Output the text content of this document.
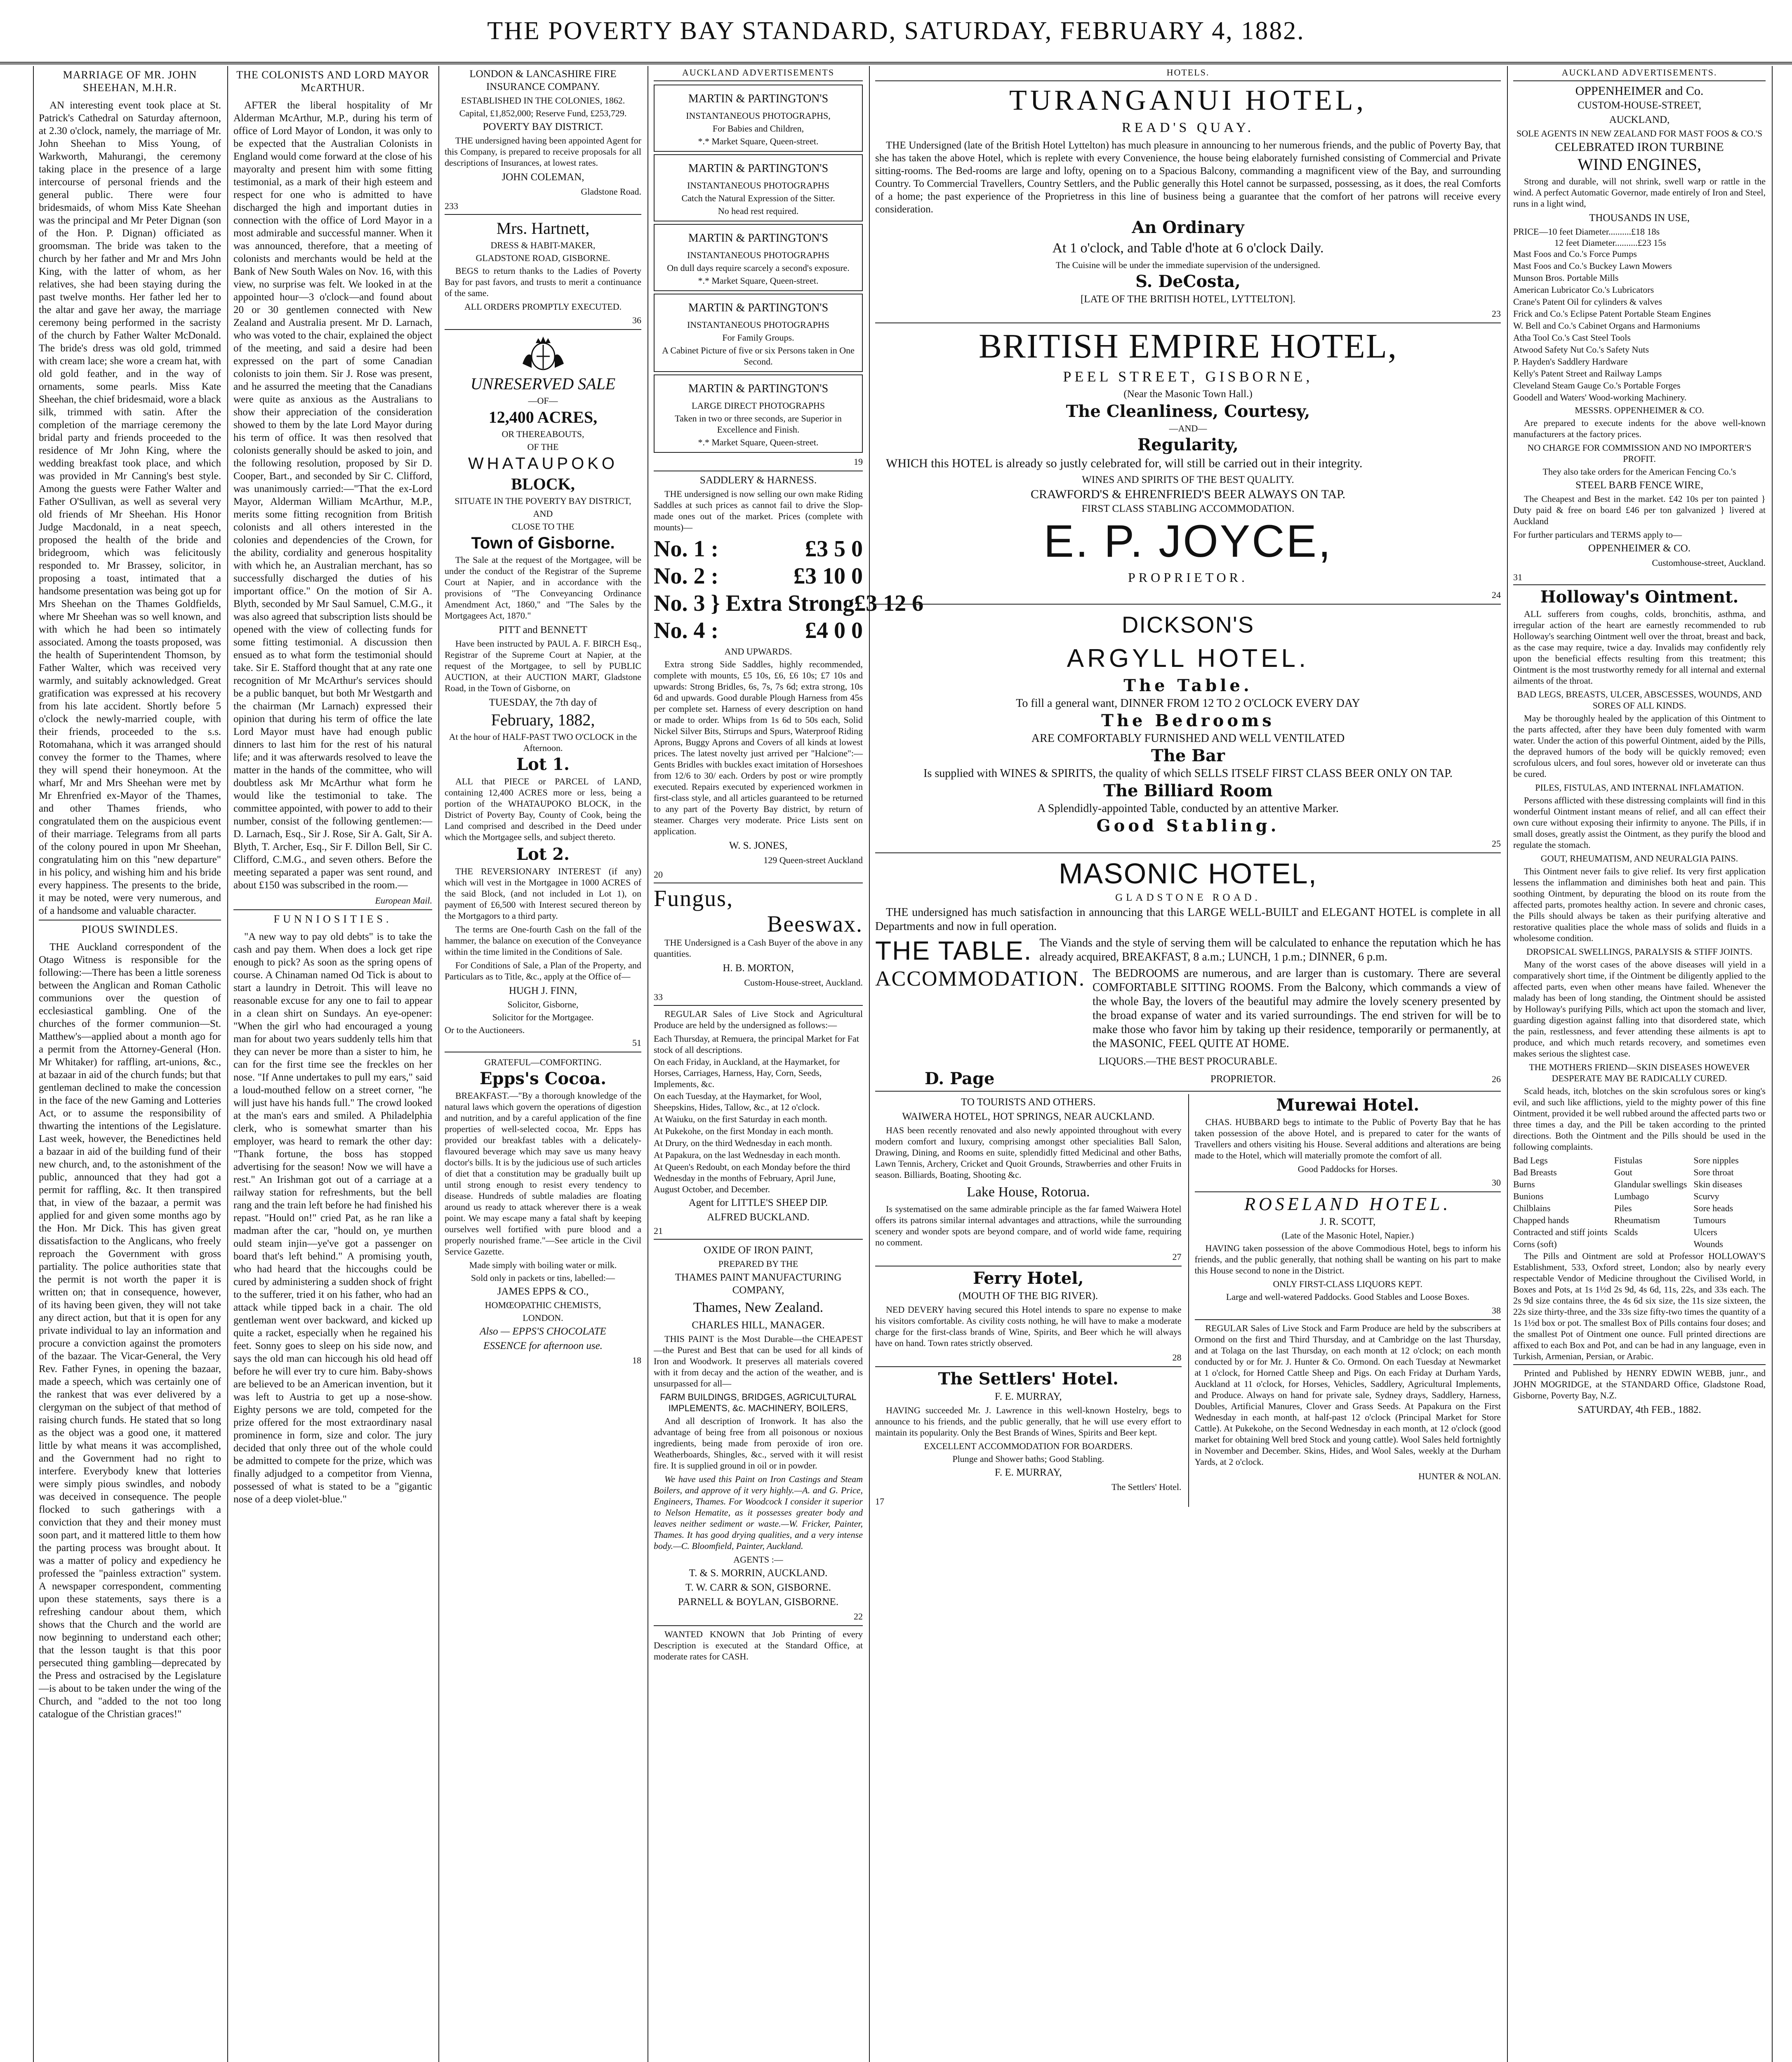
THE POVERTY BAY STANDARD, SATURDAY, FEBRUARY 4, 1882.
MARRIAGE OF MR. JOHN SHEEHAN, M.H.R.

AN interesting event took place at St. Patrick's Cathedral on Saturday afternoon, at 2.30 o'clock, namely, the marriage of Mr. John Sheehan to Miss Young, of Warkworth, Mahurangi, the ceremony taking place in the presence of a large intercourse of personal friends and the general public. There were four bridesmaids, of whom Miss Kate Sheehan was the principal and Mr Peter Dignan (son of the Hon. P. Dignan) officiated as groomsman. The bride was taken to the church by her father and Mr and Mrs John King, with the latter of whom, as her relatives, she had been staying during the past twelve months. Her father led her to the altar and gave her away, the marriage ceremony being performed in the sacristy of the church by Father Walter McDonald. The bride's dress was old gold, trimmed with cream lace; she wore a cream hat, with old gold feather, and in the way of ornaments, some pearls. Miss Kate Sheehan, the chief bridesmaid, wore a black silk, trimmed with satin. After the completion of the marriage ceremony the bridal party and friends proceeded to the residence of Mr John King, where the wedding breakfast took place, and which was provided in Mr Canning's best style. Among the guests were Father Walter and Father O'Sullivan, as well as several very old friends of Mr Sheehan. His Honor Judge Macdonald, in a neat speech, proposed the health of the bride and bridegroom, which was felicitously responded to. Mr Brassey, solicitor, in proposing a toast, intimated that a handsome presentation was being got up for Mrs Sheehan on the Thames Goldfields, where Mr Sheehan was so well known, and with which he had been so intimately associated. Among the toasts proposed, was the health of Superintendent Thomson, by Father Walter, which was received very warmly, and suitably acknowledged. Great gratification was expressed at his recovery from his late accident. Shortly before 5 o'clock the newly-married couple, with their friends, proceeded to the s.s. Rotomahana, which it was arranged should convey the former to the Thames, where they will spend their honeymoon. At the wharf, Mr and Mrs Sheehan were met by Mr Ehrenfried ex-Mayor of the Thames, and other Thames friends, who congratulated them on the auspicious event of their marriage. Telegrams from all parts of the colony poured in upon Mr Sheehan, congratulating him on this "new departure" in his policy, and wishing him and his bride every happiness. The presents to the bride, it may be noted, were very numerous, and of a handsome and valuable character.

PIOUS SWINDLES.

THE Auckland correspondent of the Otago Witness is responsible for the following:—There has been a little soreness between the Anglican and Roman Catholic communions over the question of ecclesiastical gambling. One of the churches of the former communion—St. Matthew's—applied about a month ago for a permit from the Attorney-General (Hon. Mr Whitaker) for raffling, art-unions, &c., at bazaar in aid of the church funds; but that gentleman declined to make the concession in the face of the new Gaming and Lotteries Act, or to assume the responsibility of thwarting the intentions of the Legislature. Last week, however, the Benedictines held a bazaar in aid of the building fund of their new church, and, to the astonishment of the public, announced that they had got a permit for raffling, &c. It then transpired that, in view of the bazaar, a permit was applied for and given some months ago by the Hon. Mr Dick. This has given great dissatisfaction to the Anglicans, who freely reproach the Government with gross partiality. The police authorities state that the permit is not worth the paper it is written on; that in consequence, however, of its having been given, they will not take any direct action, but that it is open for any private individual to lay an information and procure a conviction against the promoters of the bazaar. The Vicar-General, the Very Rev. Father Fynes, in opening the bazaar, made a speech, which was certainly one of the rankest that was ever delivered by a clergyman on the subject of that method of raising church funds. He stated that so long as the object was a good one, it mattered little by what means it was accomplished, and the Government had no right to interfere. Everybody knew that lotteries were simply pious swindles, and nobody was deceived in consequence. The people flocked to such gatherings with a conviction that they and their money must soon part, and it mattered little to them how the parting process was brought about. It was a matter of policy and expediency he professed the "painless extraction" system. A newspaper correspondent, commenting upon these statements, says there is a refreshing candour about them, which shows that the Church and the world are now beginning to understand each other; that the lesson taught is that this poor persecuted thing gambling—deprecated by the Press and ostracised by the Legislature—is about to be taken under the wing of the Church, and "added to the not too long catalogue of the Christian graces!"

THE COLONISTS AND LORD MAYOR McARTHUR.

AFTER the liberal hospitality of Mr Alderman McArthur, M.P., during his term of office of Lord Mayor of London, it was only to be expected that the Australian Colonists in England would come forward at the close of his mayoralty and present him with some fitting testimonial, as a mark of their high esteem and respect for one who is admitted to have discharged the high and important duties in connection with the office of Lord Mayor in a most admirable and successful manner. When it was announced, therefore, that a meeting of colonists and merchants would be held at the Bank of New South Wales on Nov. 16, with this view, no surprise was felt. We looked in at the appointed hour—3 o'clock—and found about 20 or 30 gentlemen connected with New Zealand and Australia present. Mr D. Larnach, who was voted to the chair, explained the object of the meeting, and said a desire had been expressed on the part of some Canadian colonists to join them. Sir J. Rose was present, and he assurred the meeting that the Canadians were quite as anxious as the Australians to show their appreciation of the consideration showed to them by the late Lord Mayor during his term of office. It was then resolved that colonists generally should be asked to join, and the following resolution, proposed by Sir D. Cooper, Bart., and seconded by Sir C. Clifford, was unanimously carried:—"That the ex-Lord Mayor, Alderman William McArthur, M.P., merits some fitting recognition from British colonists and all others interested in the colonies and dependencies of the Crown, for the ability, cordiality and generous hospitality with which he, an Australian merchant, has so successfully discharged the duties of his important office." On the motion of Sir A. Blyth, seconded by Mr Saul Samuel, C.M.G., it was also agreed that subscription lists should be opened with the view of collecting funds for some fitting testimonial. A discussion then ensued as to what form the testimonial should take. Sir E. Stafford thought that at any rate one recognition of Mr McArthur's services should be a public banquet, but both Mr Westgarth and the chairman (Mr Larnach) expressed their opinion that during his term of office the late Lord Mayor must have had enough public dinners to last him for the rest of his natural life; and it was afterwards resolved to leave the matter in the hands of the committee, who will doubtless ask Mr McArthur what form he would like the testimonial to take. The committee appointed, with power to add to their number, consist of the following gentlemen:—D. Larnach, Esq., Sir J. Rose, Sir A. Galt, Sir A. Blyth, T. Archer, Esq., Sir F. Dillon Bell, Sir C. Clifford, C.M.G., and seven others. Before the meeting separated a paper was sent round, and about £150 was subscribed in the room.—

European Mail.
FUNNIOSITIES.

"A new way to pay old debts" is to take the cash and pay them. When does a lock get ripe enough to pick? As soon as the spring opens of course. A Chinaman named Od Tick is about to start a laundry in Detroit. This will leave no reasonable excuse for any one to fail to appear in a clean shirt on Sundays. An eye-opener: "When the girl who had encouraged a young man for about two years suddenly tells him that they can never be more than a sister to him, he can for the first time see the freckles on her nose. "If Anne undertakes to pull my ears," said a loud-mouthed fellow on a street corner, "he will just have his hands full." The crowd looked at the man's ears and smiled. A Philadelphia clerk, who is somewhat smarter than his employer, was heard to remark the other day: "Thank fortune, the boss has stopped advertising for the season! Now we will have a rest." An Irishman got out of a carriage at a railway station for refreshments, but the bell rang and the train left before he had finished his repast. "Hould on!" cried Pat, as he ran like a madman after the car, "hould on, ye murthen ould steam injin—ye've got a passenger on board that's left behind." A promising youth, who had heard that the hiccoughs could be cured by administering a sudden shock of fright to the sufferer, tried it on his father, who had an attack while tipped back in a chair. The old gentleman went over backward, and kicked up quite a racket, especially when he regained his feet. Sonny goes to sleep on his side now, and says the old man can hiccough his old head off before he will ever try to cure him. Baby-shows are believed to be an American invention, but it was left to Austria to get up a nose-show. Eighty persons we are told, competed for the prize offered for the most extraordinary nasal prominence in form, size and color. The jury decided that only three out of the whole could be admitted to compete for the prize, which was finally adjudged to a competitor from Vienna, possessed of what is stated to be a "gigantic nose of a deep violet-blue."

LONDON & LANCASHIRE FIRE INSURANCE COMPANY.
ESTABLISHED IN THE COLONIES, 1862.
Capital, £1,852,000; Reserve Fund, £253,729.
POVERTY BAY DISTRICT.

THE undersigned having been appointed Agent for this Company, is prepared to receive proposals for all descriptions of Insurances, at lowest rates.

JOHN COLEMAN,
Gladstone Road.
233
Mrs. Hartnett,
DRESS & HABIT-MAKER,
GLADSTONE ROAD, GISBORNE.

BEGS to return thanks to the Ladies of Poverty Bay for past favors, and trusts to merit a continuance of the same.

ALL ORDERS PROMPTLY EXECUTED.
36
UNRESERVED SALE
—OF—
12,400 ACRES,
OR THEREABOUTS,
OF THE
WHATAUPOKO
BLOCK,
SITUATE IN THE POVERTY BAY DISTRICT,
AND
CLOSE TO THE
Town of Gisborne.

The Sale at the request of the Mortgagee, will be under the conduct of the Registrar of the Supreme Court at Napier, and in accordance with the provisions of "The Conveyancing Ordinance Amendment Act, 1860," and "The Sales by the Mortgagees Act, 1870."

PITT and BENNETT

Have been instructed by PAUL A. F. BIRCH Esq., Registrar of the Supreme Court at Napier, at the request of the Mortgagee, to sell by PUBLIC AUCTION, at their AUCTION MART, Gladstone Road, in the Town of Gisborne, on

TUESDAY, the 7th day of
February, 1882,
At the hour of HALF-PAST TWO O'CLOCK in the Afternoon.
Lot 1.

ALL that PIECE or PARCEL of LAND, containing 12,400 ACRES more or less, being a portion of the WHATAUPOKO BLOCK, in the District of Poverty Bay, County of Cook, being the Land comprised and described in the Deed under which the Mortgagee sells, and subject thereto.

Lot 2.

THE REVERSIONARY INTEREST (if any) which will vest in the Mortgagee in 1000 ACRES of the said Block, (and not included in Lot 1), on payment of £6,500 with Interest secured thereon by the Mortgagors to a third party.

The terms are One-fourth Cash on the fall of the hammer, the balance on execution of the Conveyance within the time limited in the Conditions of Sale.

For Conditions of Sale, a Plan of the Property, and Particulars as to Title, &c., apply at the Office of—

HUGH J. FINN,
Solicitor, Gisborne,
Solicitor for the Mortgagee.
Or to the Auctioneers.
51
GRATEFUL—COMFORTING.
Epps's Cocoa.

BREAKFAST.—"By a thorough knowledge of the natural laws which govern the operations of digestion and nutrition, and by a careful application of the fine properties of well-selected cocoa, Mr. Epps has provided our breakfast tables with a delicately-flavoured beverage which may save us many heavy doctor's bills. It is by the judicious use of such articles of diet that a constitution may be gradually built up until strong enough to resist every tendency to disease. Hundreds of subtle maladies are floating around us ready to attack wherever there is a weak point. We may escape many a fatal shaft by keeping ourselves well fortified with pure blood and a properly nourished frame."—See article in the Civil Service Gazette.

Made simply with boiling water or milk.
Sold only in packets or tins, labelled:—
JAMES EPPS & CO.,
HOMŒOPATHIC CHEMISTS,
LONDON.
Also — EPPS'S CHOCOLATE
ESSENCE for afternoon use.
18
AUCKLAND ADVERTISEMENTS
MARTIN & PARTINGTON'S
INSTANTANEOUS PHOTOGRAPHS,
For Babies and Children,
*.* Market Square, Queen-street.
MARTIN & PARTINGTON'S
INSTANTANEOUS PHOTOGRAPHS
Catch the Natural Expression of the Sitter.
No head rest required.
MARTIN & PARTINGTON'S
INSTANTANEOUS PHOTOGRAPHS
On dull days require scarcely a second's exposure.
*.* Market Square, Queen-street.
MARTIN & PARTINGTON'S
INSTANTANEOUS PHOTOGRAPHS
For Family Groups.
A Cabinet Picture of five or six Persons taken in One Second.
MARTIN & PARTINGTON'S
LARGE DIRECT PHOTOGRAPHS
Taken in two or three seconds, are Superior in Excellence and Finish.
*.* Market Square, Queen-street.
19
SADDLERY & HARNESS.

THE undersigned is now selling our own make Riding Saddles at such prices as cannot fail to drive the Slop-made ones out of the market. Prices (complete with mounts)—

No. 1 :	£3 5 0
No. 2 :	£3 10 0
No. 3 } Extra Strong £3 12 6
No. 4 :	£4 0 0
AND UPWARDS.

Extra strong Side Saddles, highly recommended, complete with mounts, £5 10s, £6, £6 10s; £7 10s and upwards: Strong Bridles, 6s, 7s, 7s 6d; extra strong, 10s 6d and upwards. Good durable Plough Harness from 45s per complete set. Harness of every description on hand or made to order. Whips from 1s 6d to 50s each, Solid Nickel Silver Bits, Stirrups and Spurs, Waterproof Riding Aprons, Buggy Aprons and Covers of all kinds at lowest prices. The latest novelty just arrived per "Halcione":—Gents Bridles with buckles exact imitation of Horseshoes from 12/6 to 30/ each. Orders by post or wire promptly executed. Repairs executed by experienced workmen in first-class style, and all articles guaranteed to be returned to any part of the Poverty Bay district, by return of steamer. Charges very moderate. Price Lists sent on application.

W. S. JONES,
129 Queen-street Auckland
20
Fungus,
Beeswax.

THE Undersigned is a Cash Buyer of the above in any quantities.

H. B. MORTON,
Custom-House-street, Auckland.
33

REGULAR Sales of Live Stock and Agricultural Produce are held by the undersigned as follows:—

Each Thursday, at Remuera, the principal Market for Fat stock of all descriptions.
On each Friday, in Auckland, at the Haymarket, for Horses, Carriages, Harness, Hay, Corn, Seeds, Implements, &c.
On each Tuesday, at the Haymarket, for Wool, Sheepskins, Hides, Tallow, &c., at 12 o'clock.
At Waiuku, on the first Saturday in each month.
At Pukekohe, on the first Monday in each month.
At Drury, on the third Wednesday in each month.
At Papakura, on the last Wednesday in each month.
At Queen's Redoubt, on each Monday before the third Wednesday in the months of February, April June, August October, and December.
Agent for LITTLE'S SHEEP DIP.
ALFRED BUCKLAND.
21
OXIDE OF IRON PAINT,
PREPARED BY THE
THAMES PAINT MANUFACTURING COMPANY,
Thames, New Zealand.
CHARLES HILL, MANAGER.

THIS PAINT is the Most Durable—the CHEAPEST—the Purest and Best that can be used for all kinds of Iron and Woodwork. It preserves all materials covered with it from decay and the action of the weather, and is unsurpassed for all—

FARM BUILDINGS, BRIDGES, AGRICULTURAL IMPLEMENTS, &c. MACHINERY, BOILERS,

And all description of Ironwork. It has also the advantage of being free from all poisonous or noxious ingredients, being made from peroxide of iron ore. Weatherboards, Shingles, &c., served with it will resist fire. It is supplied ground in oil or in powder.

We have used this Paint on Iron Castings and Steam Boilers, and approve of it very highly.—A. and G. Price, Engineers, Thames. For Woodcock I consider it superior to Nelson Hematite, as it possesses greater body and leaves neither sediment or waste.—W. Fricker, Painter, Thames. It has good drying qualities, and a very intense body.—C. Bloomfield, Painter, Auckland.

AGENTS :—
T. & S. MORRIN, AUCKLAND.
T. W. CARR & SON, GISBORNE.
PARNELL & BOYLAN, GISBORNE.
22

WANTED KNOWN that Job Printing of every Description is executed at the Standard Office, at moderate rates for CASH.

HOTELS.
TURANGANUI HOTEL,
READ'S QUAY.

THE Undersigned (late of the British Hotel Lyttelton) has much pleasure in announcing to her numerous friends, and the public of Poverty Bay, that she has taken the above Hotel, which is replete with every Convenience, the house being elaborately furnished consisting of Commercial and Private sitting-rooms. The Bed-rooms are large and lofty, opening on to a Spacious Balcony, commanding a magnificent view of the Bay, and surrounding Country. To Commercial Travellers, Country Settlers, and the Public generally this Hotel cannot be surpassed, possessing, as it does, the real Comforts of a home; the past experience of the Proprietress in this line of business being a guarantee that the comfort of her patrons will receive every consideration.

An Ordinary
At 1 o'clock, and Table d'hote at 6 o'clock Daily.
The Cuisine will be under the immediate supervision of the undersigned.
S. DeCosta,
[LATE OF THE BRITISH HOTEL, LYTTELTON].
23
BRITISH EMPIRE HOTEL,
PEEL STREET, GISBORNE,
(Near the Masonic Town Hall.)
The Cleanliness, Courtesy,
—AND—
Regularity,

WHICH this HOTEL is already so justly celebrated for, will still be carried out in their integrity.

WINES AND SPIRITS OF THE BEST QUALITY.
CRAWFORD'S & EHRENFRIED'S BEER ALWAYS ON TAP.
FIRST CLASS STABLING ACCOMMODATION.
E. P. JOYCE,
PROPRIETOR.
24
DICKSON'S
ARGYLL HOTEL.
The Table.
To fill a general want, DINNER FROM 12 TO 2 O'CLOCK EVERY DAY
The Bedrooms
ARE COMFORTABLY FURNISHED AND WELL VENTILATED
The Bar
Is supplied with WINES & SPIRITS, the quality of which SELLS ITSELF FIRST CLASS BEER ONLY ON TAP.
The Billiard Room
A Splendidly-appointed Table, conducted by an attentive Marker.
Good Stabling.
25
MASONIC HOTEL,
GLADSTONE ROAD.

THE undersigned has much satisfaction in announcing that this LARGE WELL-BUILT and ELEGANT HOTEL is complete in all Departments and now in full operation.

THE TABLE. The Viands and the style of serving them will be calculated to enhance the reputation which he has already acquired, BREAKFAST, 8 a.m.; LUNCH, 1 p.m.; DINNER, 6 p.m.

ACCOMMODATION. The BEDROOMS are numerous, and are larger than is customary. There are several COMFORTABLE SITTING ROOMS. From the Balcony, which commands a view of the whole Bay, the lovers of the beautiful may admire the lovely scenery presented by the broad expanse of water and its varied surroundings. The end striven for will be to make those who favor him by taking up their residence, temporarily or permanently, at the MASONIC, FEEL QUITE AT HOME.

LIQUORS.—THE BEST PROCURABLE.
D. Page	PROPRIETOR.	26
TO TOURISTS AND OTHERS.
WAIWERA HOTEL, HOT SPRINGS, NEAR AUCKLAND.

HAS been recently renovated and also newly appointed throughout with every modern comfort and luxury, comprising amongst other specialities Ball Salon, Drawing, Dining, and Rooms en suite, splendidly fitted Medicinal and other Baths, Lawn Tennis, Archery, Cricket and Quoit Grounds, Strawberries and other Fruits in season. Billiards, Boating, Shooting &c.

Lake House, Rotorua.

Is systematised on the same admirable principle as the far famed Waiwera Hotel offers its patrons similar internal advantages and attractions, while the surrounding scenery and wonder spots are beyond compare, and of world wide fame, requiring no comment.

27
Ferry Hotel,
(MOUTH OF THE BIG RIVER).

NED DEVERY having secured this Hotel intends to spare no expense to make his visitors comfortable. As civility costs nothing, he will have to make a moderate charge for the first-class brands of Wine, Spirits, and Beer which he will always have on hand. Town rates strictly observed.

28
The Settlers' Hotel.
F. E. MURRAY,

HAVING succeeded Mr. J. Lawrence in this well-known Hostelry, begs to announce to his friends, and the public generally, that he will use every effort to maintain its popularity. Only the Best Brands of Wines, Spirits and Beer kept.

EXCELLENT ACCOMMODATION FOR BOARDERS.
Plunge and Shower baths; Good Stabling.
F. E. MURRAY,
The Settlers' Hotel.
17
Murewai Hotel.

CHAS. HUBBARD begs to intimate to the Public of Poverty Bay that he has taken possession of the above Hotel, and is prepared to cater for the wants of Travellers and others visiting his House. Several additions and alterations are being made to the Hotel, which will materially promote the comfort of all.

Good Paddocks for Horses.
30
ROSELAND HOTEL.
J. R. SCOTT,
(Late of the Masonic Hotel, Napier.)

HAVING taken possession of the above Commodious Hotel, begs to inform his friends, and the public generally, that nothing shall be wanting on his part to make this House second to none in the District.

ONLY FIRST-CLASS LIQUORS KEPT.
Large and well-watered Paddocks. Good Stables and Loose Boxes.
38

REGULAR Sales of Live Stock and Farm Produce are held by the subscribers at Ormond on the first and Third Thursday, and at Cambridge on the last Thursday, and at Tolaga on the last Thursday, on each month at 12 o'clock; on each month conducted by or for Mr. J. Hunter & Co. Ormond. On each Tuesday at Newmarket at 1 o'clock, for Horned Cattle Sheep and Pigs. On each Friday at Durham Yards, Auckland at 11 o'clock, for Horses, Vehicles, Saddlery, Agricultural Implements, and Produce. Always on hand for private sale, Sydney drays, Saddlery, Harness, Doubles, Artificial Manures, Clover and Grass Seeds. At Papakura on the First Wednesday in each month, at half-past 12 o'clock (Principal Market for Store Cattle). At Pukekohe, on the Second Wednesday in each month, at 12 o'clock (good market for obtaining Well bred Stock and young cattle). Wool Sales held fortnightly in November and December. Skins, Hides, and Wool Sales, weekly at the Durham Yards, at 2 o'clock.

HUNTER & NOLAN.
AUCKLAND ADVERTISEMENTS.
OPPENHEIMER and Co.
CUSTOM-HOUSE-STREET,
AUCKLAND,
SOLE AGENTS IN NEW ZEALAND FOR MAST FOOS & CO.'S
CELEBRATED IRON TURBINE
WIND ENGINES,

Strong and durable, will not shrink, swell warp or rattle in the wind. A perfect Automatic Governor, made entirely of Iron and Steel, runs in a light wind,

THOUSANDS IN USE,
PRICE—10 feet Diameter..........£18 18s
12 feet Diameter..........£23 15s
Mast Foos and Co.'s Force Pumps
Mast Foos and Co.'s Buckey Lawn Mowers
Munson Bros. Portable Mills
American Lubricator Co.'s Lubricators
Crane's Patent Oil for cylinders & valves
Frick and Co.'s Eclipse Patent Portable Steam Engines
W. Bell and Co.'s Cabinet Organs and Harmoniums
Atha Tool Co.'s Cast Steel Tools
Atwood Safety Nut Co.'s Safety Nuts
P. Hayden's Saddlery Hardware
Kelly's Patent Street and Railway Lamps
Cleveland Steam Gauge Co.'s Portable Forges
Goodell and Waters' Wood-working Machinery.
MESSRS. OPPENHEIMER & CO.

Are prepared to execute indents for the above well-known manufacturers at the factory prices.

NO CHARGE FOR COMMISSION AND NO IMPORTER'S PROFIT.
They also take orders for the American Fencing Co.'s
STEEL BARB FENCE WIRE,

The Cheapest and Best in the market. £42 10s per ton painted } Duty paid & free on board £46 per ton galvanized } livered at Auckland

For further particulars and TERMS apply to—
OPPENHEIMER & CO.
Customhouse-street, Auckland.
31
Holloway's Ointment.

ALL sufferers from coughs, colds, bronchitis, asthma, and irregular action of the heart are earnestly recommended to rub Holloway's searching Ointment well over the throat, breast and back, as the case may require, twice a day. Invalids may confidently rely upon the beneficial effects resulting from this treatment; this Ointment is the most trustworthy remedy for all internal and external ailments of the throat.

BAD LEGS, BREASTS, ULCER, ABSCESSES, WOUNDS, AND SORES OF ALL KINDS.

May be thoroughly healed by the application of this Ointment to the parts affected, after they have been duly fomented with warm water. Under the action of this powerful Ointment, aided by the Pills, the depraved humors of the body will be quickly removed; even scrofulous ulcers, and foul sores, however old or inveterate can thus be cured.

PILES, FISTULAS, AND INTERNAL INFLAMATION.

Persons afflicted with these distressing complaints will find in this wonderful Ointment instant means of relief, and all can effect their own cure without exposing their infirmity to anyone. The Pills, if in small doses, greatly assist the Ointment, as they purify the blood and regulate the stomach.

GOUT, RHEUMATISM, AND NEURALGIA PAINS.

This Ointment never fails to give relief. Its very first application lessens the inflammation and diminishes both heat and pain. This soothing Ointment, by depurating the blood on its route from the affected parts, promotes healthy action. In severe and chronic cases, the Pills should always be taken as their purifying alterative and restorative qualities place the whole mass of solids and fluids in a wholesome condition.

DROPSICAL SWELLINGS, PARALYSIS & STIFF JOINTS.

Many of the worst cases of the above diseases will yield in a comparatively short time, if the Ointment be diligently applied to the affected parts, even when other means have failed. Whenever the malady has been of long standing, the Ointment should be assisted by Holloway's purifying Pills, which act upon the stomach and liver, guarding digestion against falling into that disordered state, which the pain, restlessness, and fever attending these ailments is apt to produce, and which much retards recovery, and sometimes even makes serious the slightest case.

THE MOTHERS FRIEND—SKIN DISEASES HOWEVER DESPERATE MAY BE RADICALLY CURED.

Scald heads, itch, blotches on the skin scrofulous sores or king's evil, and such like afflictions, yield to the mighty power of this fine Ointment, provided it be well rubbed around the affected parts two or three times a day, and the Pill be taken according to the printed directions. Both the Ointment and the Pills should be used in the following complaints.

Bad Legs
Bad Breasts
Burns
Bunions
Chilblains
Chapped hands
Contracted and stiff joints
Corns (soft)
Fistulas
Gout
Glandular swellings
Lumbago
Piles
Rheumatism
Scalds
Sore nipples
Sore throat
Skin diseases
Scurvy
Sore heads
Tumours
Ulcers
Wounds

The Pills and Ointment are sold at Professor HOLLOWAY'S Establishment, 533, Oxford street, London; also by nearly every respectable Vendor of Medicine throughout the Civilised World, in Boxes and Pots, at 1s 1½d 2s 9d, 4s 6d, 11s, 22s, and 33s each. The 2s 9d size contains three, the 4s 6d six size, the 11s size sixteen, the 22s size thirty-three, and the 33s size fifty-two times the quantity of a 1s 1½d box or pot. The smallest Box of Pills contains four doses; and the smallest Pot of Ointment one ounce. Full printed directions are affixed to each Box and Pot, and can be had in any language, even in Turkish, Armenian, Persian, or Arabic.

Printed and Published by HENRY EDWIN WEBB, junr., and JOHN MOGRIDGE, at the STANDARD Office, Gladstone Road, Gisborne, Poverty Bay, N.Z.

SATURDAY, 4th FEB., 1882.
